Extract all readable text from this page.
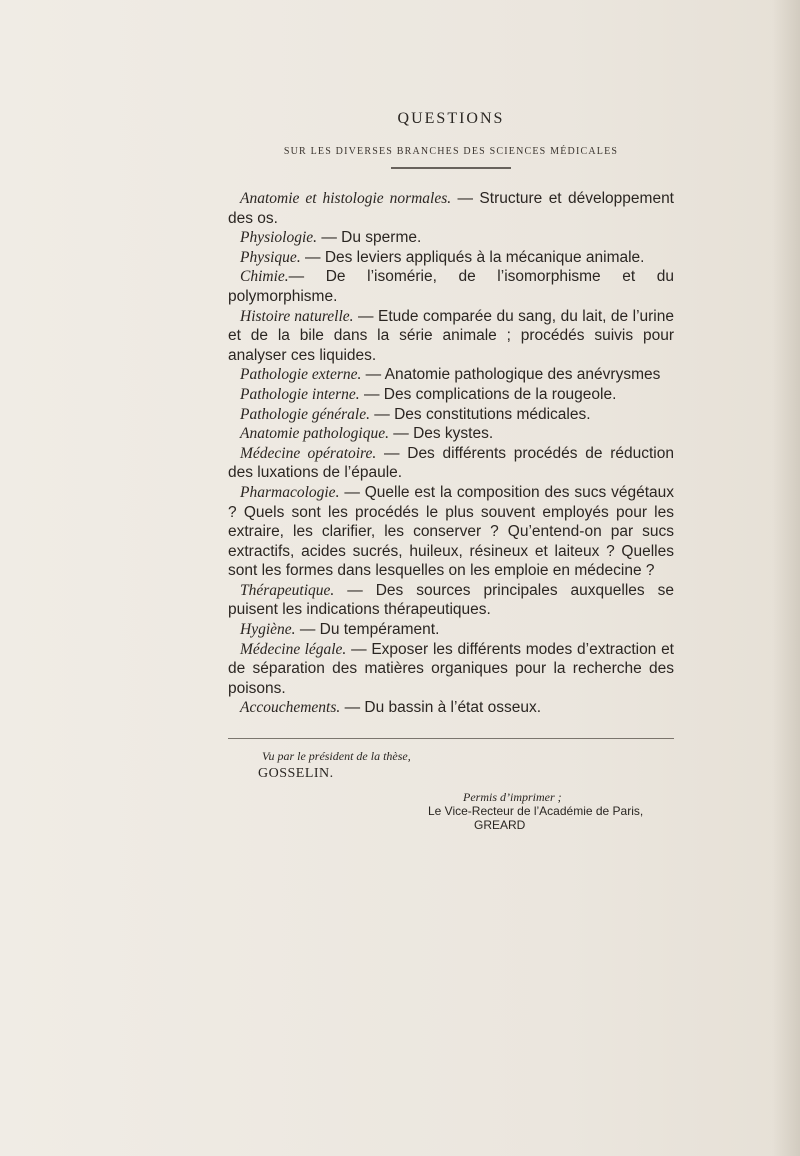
QUESTIONS
SUR LES DIVERSES BRANCHES DES SCIENCES MÉDICALES

Anatomie et histologie normales. — Structure et développement des os.

Physiologie. — Du sperme.

Physique. — Des leviers appliqués à la mécanique animale.

Chimie.— De l’isomérie, de l’isomorphisme et du polymorphisme.

Histoire naturelle. — Etude comparée du sang, du lait, de l’urine et de la bile dans la série animale ; procédés suivis pour analyser ces liquides.

Pathologie externe. — Anatomie pathologique des anévrysmes

Pathologie interne. — Des complications de la rougeole.

Pathologie générale. — Des constitutions médicales.

Anatomie pathologique. — Des kystes.

Médecine opératoire. — Des différents procédés de réduction des luxations de l’épaule.

Pharmacologie. — Quelle est la composition des sucs végétaux ? Quels sont les procédés le plus souvent employés pour les extraire, les clarifier, les conserver ? Qu’entend-on par sucs extractifs, acides sucrés, huileux, résineux et laiteux ? Quelles sont les formes dans lesquelles on les emploie en médecine ?

Thérapeutique. — Des sources principales auxquelles se puisent les indications thérapeutiques.

Hygiène. — Du tempérament.

Médecine légale. — Exposer les différents modes d’extraction et de séparation des matières organiques pour la recherche des poisons.

Accouchements. — Du bassin à l’état osseux.

Vu par le président de la thèse,
GOSSELIN.
Permis d’imprimer ;
Le Vice-Recteur de l’Académie de Paris,
GREARD
